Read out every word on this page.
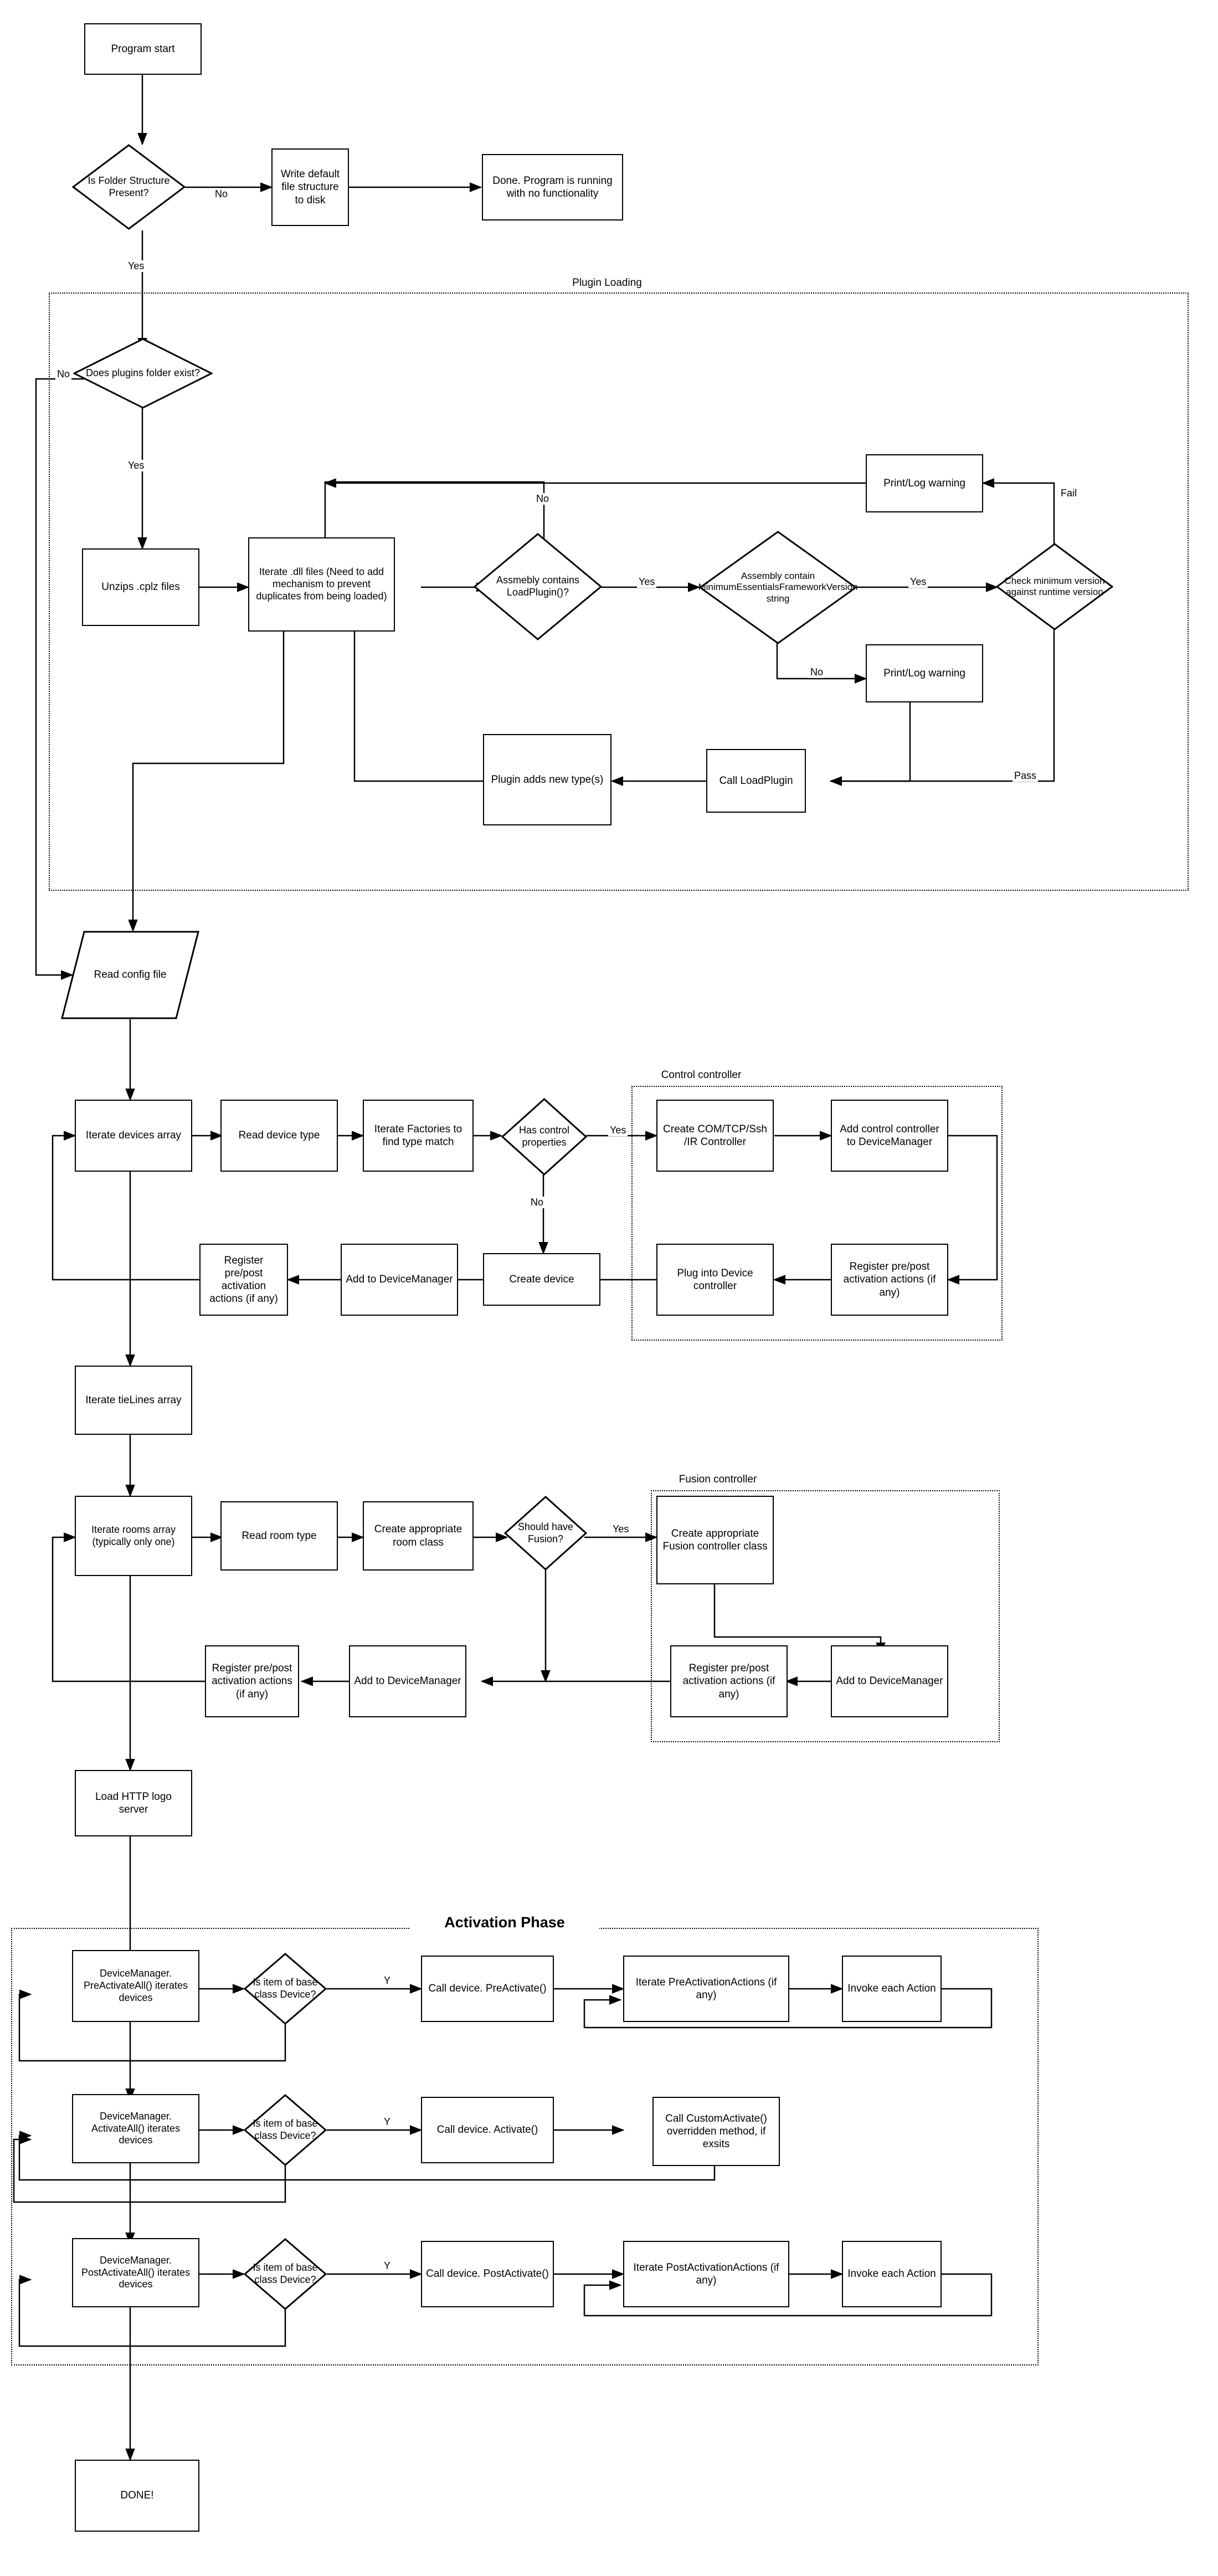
Plugin Loading
Control controller
Fusion controller
Activation Phase
Program start
Is Folder Structure Present?
Write default file structure to disk
Done. Program is running with no functionality
Does plugins folder exist?
Unzips .cplz files
Iterate .dll files (Need to add mechanism to prevent duplicates from being loaded)
Assmebly contains LoadPlugin()?
Assembly contain MinimumEssentialsFrameworkVersion string
Print/Log warning
Print/Log warning
Check minimum version against runtime version
Call LoadPlugin
Plugin adds new type(s)
Read config file
Iterate devices array	Read device type
Iterate Factories to find type match
Has control properties
Create COM/TCP/Ssh /IR Controller
Add control controller to DeviceManager
Register pre/post activation actions (if any)
Plug into Device controller
Create device
Add to DeviceManager
Register pre/post activation actions (if any)
Iterate tieLines array
Iterate rooms array (typically only one)	Read room type
Create appropriate room class
Should have Fusion?	Create appropriate Fusion controller class
Register pre/post activation actions (if any)
Add to DeviceManager
Add to DeviceManager
Register pre/post activation actions (if any)
Load HTTP logo server
DeviceManager. PreActivateAll() iterates devices
Is item of base class Device?	Call device. PreActivate()
Iterate PreActivationActions (if any)
Invoke each Action
DeviceManager. ActivateAll() iterates devices
Is item of base class Device?	Call device. Activate()
Call CustomActivate() overridden method, if exsits
DeviceManager. PostActivateAll() iterates devices
Is item of base class Device?	Call device. PostActivate()
Iterate PostActivationActions (if any)
Invoke each Action
DONE!
No
Yes
No
Yes
No
Yes	Yes
No
Fail
Pass
Yes
No
Yes
Y
Y
Y
